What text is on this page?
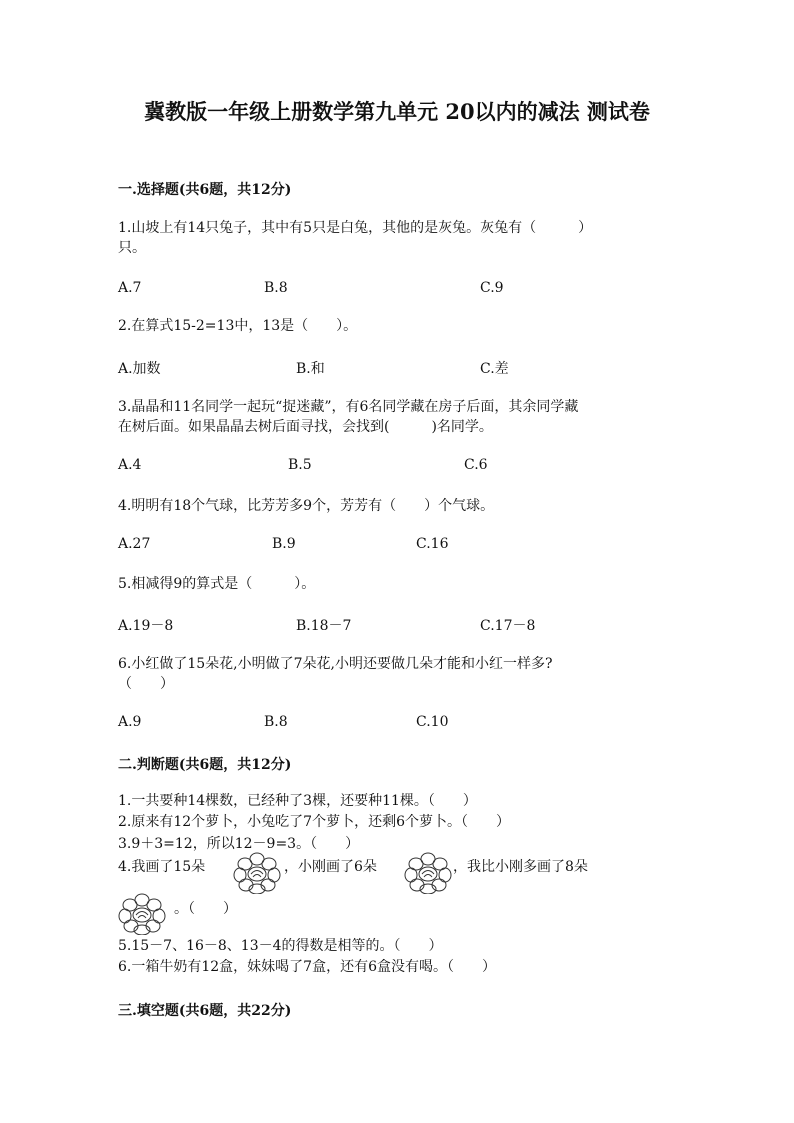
冀教版一年级上册数学第九单元 20以内的减法 测试卷
一.选择题(共6题，共12分)
1.山坡上有14只兔子，其中有5只是白兔，其他的是灰兔。灰兔有（　　　）
只。
A.7	B.8	C.9
2.在算式15-2=13中，13是（　　）。
A.加数	B.和	C.差
3.晶晶和11名同学一起玩“捉迷藏”，有6名同学藏在房子后面，其余同学藏
在树后面。如果晶晶去树后面寻找，会找到(　　　)名同学。
A.4	B.5	C.6
4.明明有18个气球，比芳芳多9个，芳芳有（　　）个气球。
A.27	B.9	C.16
5.相减得9的算式是（　　　）。
A.19－8	B.18－7	C.17－8
6.小红做了15朵花,小明做了7朵花,小明还要做几朵才能和小红一样多?
（　　）
A.9	B.8	C.10
二.判断题(共6题，共12分)
1.一共要种14棵数，已经种了3棵，还要种11棵。（　　）
2.原来有12个萝卜，小兔吃了7个萝卜，还剩6个萝卜。（　　）
3.9＋3=12，所以12－9=3。（　　）
4.我画了15朵	，小刚画了6朵	，我比小刚多画了8朵
。（　　）
5.15－7、16－8、13－4的得数是相等的。（　　）
6.一箱牛奶有12盒，妹妹喝了7盒，还有6盒没有喝。（　　）
三.填空题(共6题，共22分)
